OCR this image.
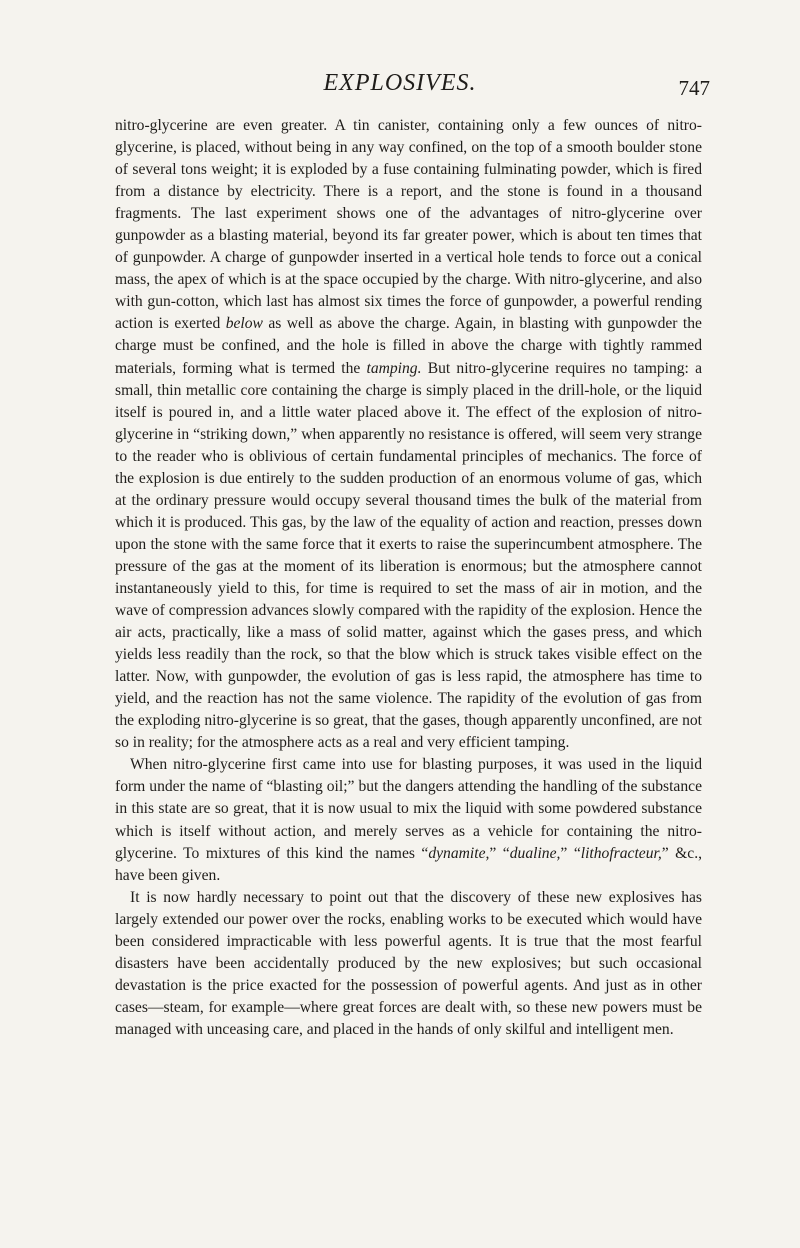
EXPLOSIVES.	747

nitro-glycerine are even greater. A tin canister, containing only a few ounces of nitro-glycerine, is placed, without being in any way confined, on the top of a smooth boulder stone of several tons weight; it is exploded by a fuse containing fulminating powder, which is fired from a distance by electricity. There is a report, and the stone is found in a thousand fragments. The last experiment shows one of the advantages of nitro-glycerine over gunpowder as a blasting material, beyond its far greater power, which is about ten times that of gunpowder. A charge of gunpowder inserted in a vertical hole tends to force out a conical mass, the apex of which is at the space occupied by the charge. With nitro-glycerine, and also with gun-cotton, which last has almost six times the force of gunpowder, a powerful rending action is exerted below as well as above the charge. Again, in blasting with gunpowder the charge must be confined, and the hole is filled in above the charge with tightly rammed materials, forming what is termed the tamping. But nitro-glycerine requires no tamping: a small, thin metallic core containing the charge is simply placed in the drill-hole, or the liquid itself is poured in, and a little water placed above it. The effect of the explosion of nitro-glycerine in “striking down,” when apparently no resistance is offered, will seem very strange to the reader who is oblivious of certain fundamental principles of mechanics. The force of the explosion is due entirely to the sudden production of an enormous volume of gas, which at the ordinary pressure would occupy several thousand times the bulk of the material from which it is produced. This gas, by the law of the equality of action and reaction, presses down upon the stone with the same force that it exerts to raise the superincumbent atmosphere. The pressure of the gas at the moment of its liberation is enormous; but the atmosphere cannot instantaneously yield to this, for time is required to set the mass of air in motion, and the wave of compression advances slowly compared with the rapidity of the explosion. Hence the air acts, practically, like a mass of solid matter, against which the gases press, and which yields less readily than the rock, so that the blow which is struck takes visible effect on the latter. Now, with gunpowder, the evolution of gas is less rapid, the atmosphere has time to yield, and the reaction has not the same violence. The rapidity of the evolution of gas from the exploding nitro-glycerine is so great, that the gases, though apparently unconfined, are not so in reality; for the atmosphere acts as a real and very efficient tamping.

When nitro-glycerine first came into use for blasting purposes, it was used in the liquid form under the name of “blasting oil;” but the dangers attending the handling of the substance in this state are so great, that it is now usual to mix the liquid with some powdered substance which is itself without action, and merely serves as a vehicle for containing the nitro-glycerine. To mixtures of this kind the names “dynamite,” “dualine,” “lithofracteur,” &c., have been given.

It is now hardly necessary to point out that the discovery of these new explosives has largely extended our power over the rocks, enabling works to be executed which would have been considered impracticable with less powerful agents. It is true that the most fearful disasters have been accidentally produced by the new explosives; but such occasional devastation is the price exacted for the possession of powerful agents. And just as in other cases—steam, for example—where great forces are dealt with, so these new powers must be managed with unceasing care, and placed in the hands of only skilful and intelligent men.
